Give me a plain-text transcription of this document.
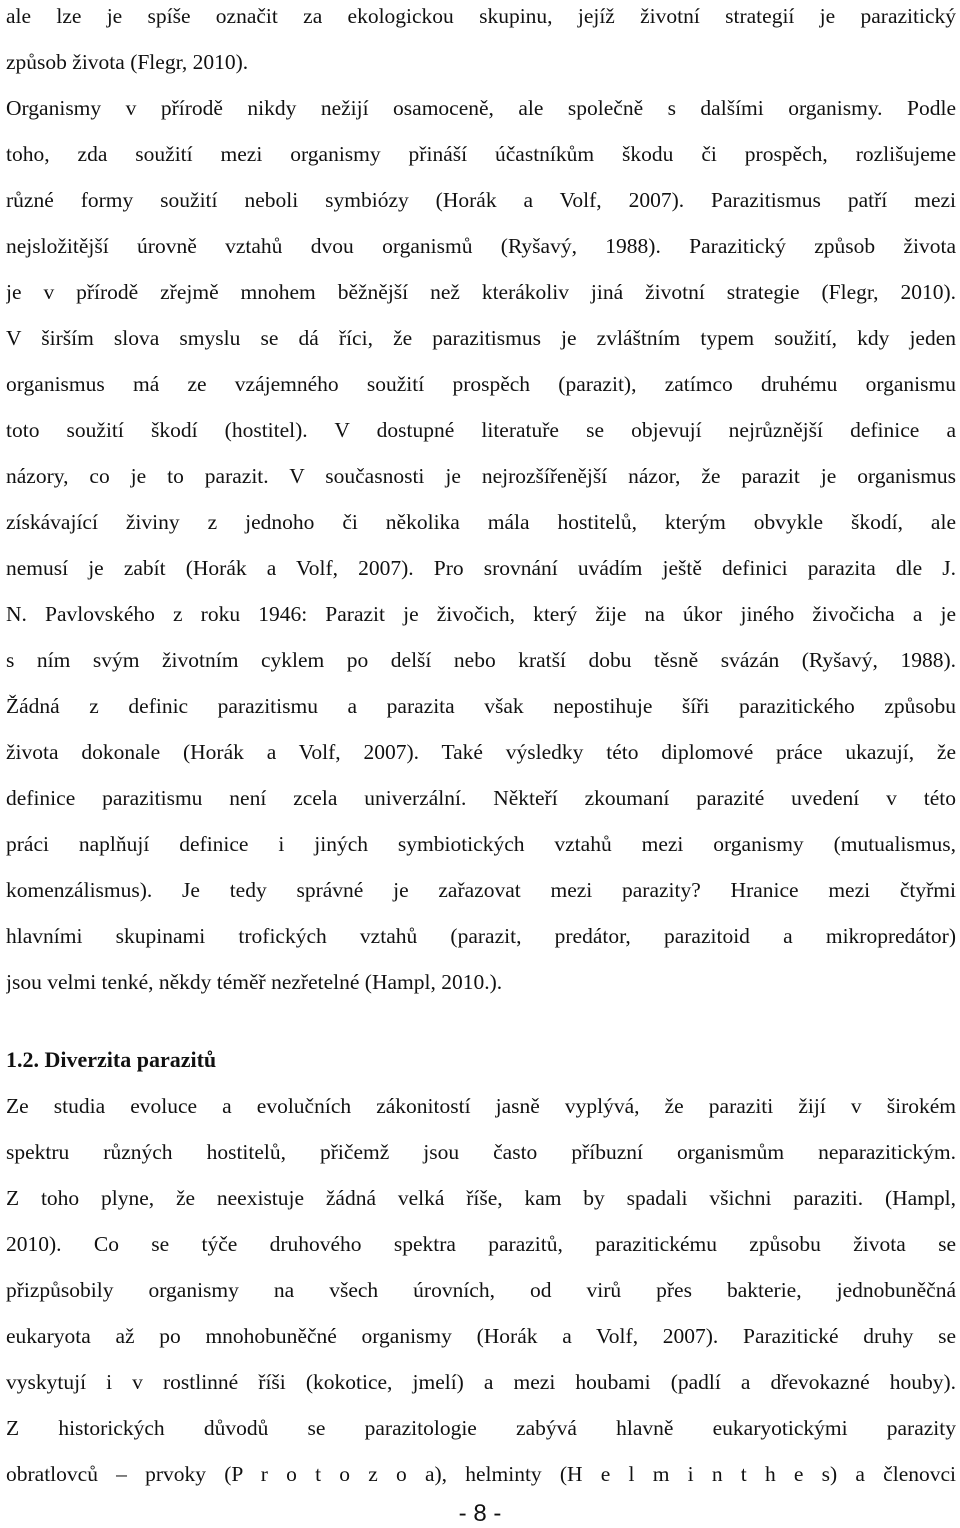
ale lze je spíše označit za ekologickou skupinu, jejíž životní strategií je parazitický
způsob života (Flegr, 2010).
Organismy v přírodě nikdy nežijí osamoceně, ale společně s dalšími organismy. Podle
toho, zda soužití mezi organismy přináší účastníkům škodu či prospěch, rozlišujeme
různé formy soužití neboli symbiózy (Horák a Volf, 2007). Parazitismus patří mezi
nejsložitější úrovně vztahů dvou organismů (Ryšavý, 1988). Parazitický způsob života
je v přírodě zřejmě mnohem běžnější než kterákoliv jiná životní strategie (Flegr, 2010).
V širším slova smyslu se dá říci, že parazitismus je zvláštním typem soužití, kdy jeden
organismus má ze vzájemného soužití prospěch (parazit), zatímco druhému organismu
toto soužití škodí (hostitel). V dostupné literatuře se objevují nejrůznější definice a
názory, co je to parazit. V současnosti je nejrozšířenější názor, že parazit je organismus
získávající živiny z jednoho či několika mála hostitelů, kterým obvykle škodí, ale
nemusí je zabít (Horák a Volf, 2007). Pro srovnání uvádím ještě definici parazita dle J.
N. Pavlovského z roku 1946: Parazit je živočich, který žije na úkor jiného živočicha a je
s ním svým životním cyklem po delší nebo kratší dobu těsně svázán (Ryšavý, 1988).
Žádná z definic parazitismu a parazita však nepostihuje šíři parazitického způsobu
života dokonale (Horák a Volf, 2007). Také výsledky této diplomové práce ukazují, že
definice parazitismu není zcela univerzální. Někteří zkoumaní parazité uvedení v této
práci naplňují definice i jiných symbiotických vztahů mezi organismy (mutualismus,
komenzálismus). Je tedy správné je zařazovat mezi parazity? Hranice mezi čtyřmi
hlavními skupinami trofických vztahů (parazit, predátor, parazitoid a mikropredátor)
jsou velmi tenké, někdy téměř nezřetelné (Hampl, 2010.).
1.2. Diverzita parazitů
Ze studia evoluce a evolučních zákonitostí jasně vyplývá, že paraziti žijí v širokém
spektru různých hostitelů, přičemž jsou často příbuzní organismům neparazitickým.
Z toho plyne, že neexistuje žádná velká říše, kam by spadali všichni paraziti. (Hampl,
2010). Co se týče druhového spektra parazitů, parazitickému způsobu života se
přizpůsobily organismy na všech úrovních, od virů přes bakterie, jednobuněčná
eukaryota až po mnohobuněčné organismy (Horák a Volf, 2007). Parazitické druhy se
vyskytují i v rostlinné říši (kokotice, jmelí) a mezi houbami (padlí a dřevokazné houby).
Z historických důvodů se parazitologie zabývá hlavně eukaryotickými parazity
obratlovců – prvoky (P r o t o z o a), helminty (H e l m i n t h e s) a členovci
- 8 -
